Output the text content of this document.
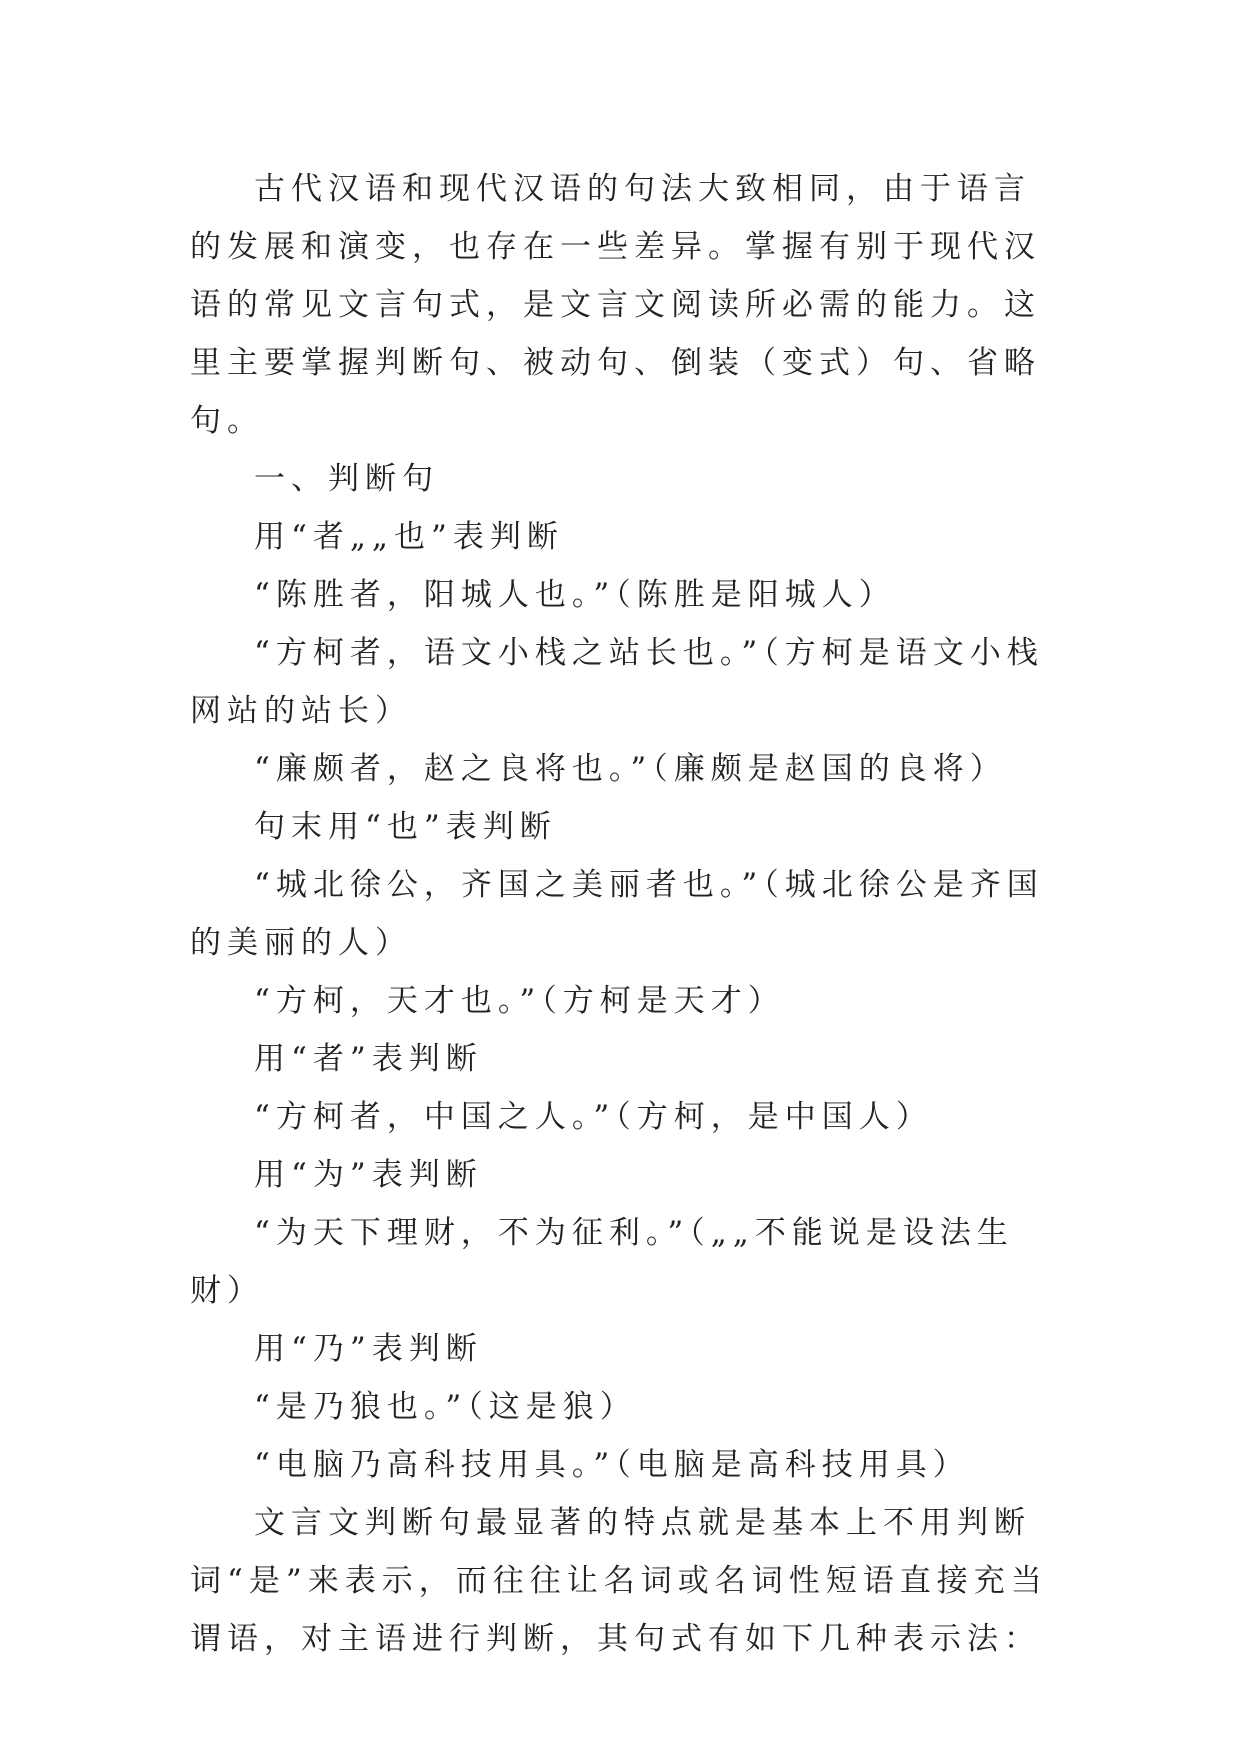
古代汉语和现代汉语的句法大致相同，由于语言的发展和演变，也存在一些差异。掌握有别于现代汉语的常见文言句式，是文言文阅读所必需的能力。这里主要掌握判断句、被动句、倒装（变式）句、省略句。

一、判断句

用“者„„也”表判断

“陈胜者，阳城人也。”（陈胜是阳城人）

“方柯者，语文小栈之站长也。”（方柯是语文小栈网站的站长）

“廉颇者，赵之良将也。”（廉颇是赵国的良将）

句末用“也”表判断

“城北徐公，齐国之美丽者也。”（城北徐公是齐国的美丽的人）

“方柯，天才也。”（方柯是天才）

用“者”表判断

“方柯者，中国之人。”（方柯，是中国人）

用“为”表判断

“为天下理财，不为征利。”（„„不能说是设法生财）

用“乃”表判断

“是乃狼也。”（这是狼）

“电脑乃高科技用具。”（电脑是高科技用具）

文言文判断句最显著的特点就是基本上不用判断词“是”来表示，而往往让名词或名词性短语直接充当谓语，对主语进行判断，其句式有如下几种表示法：
